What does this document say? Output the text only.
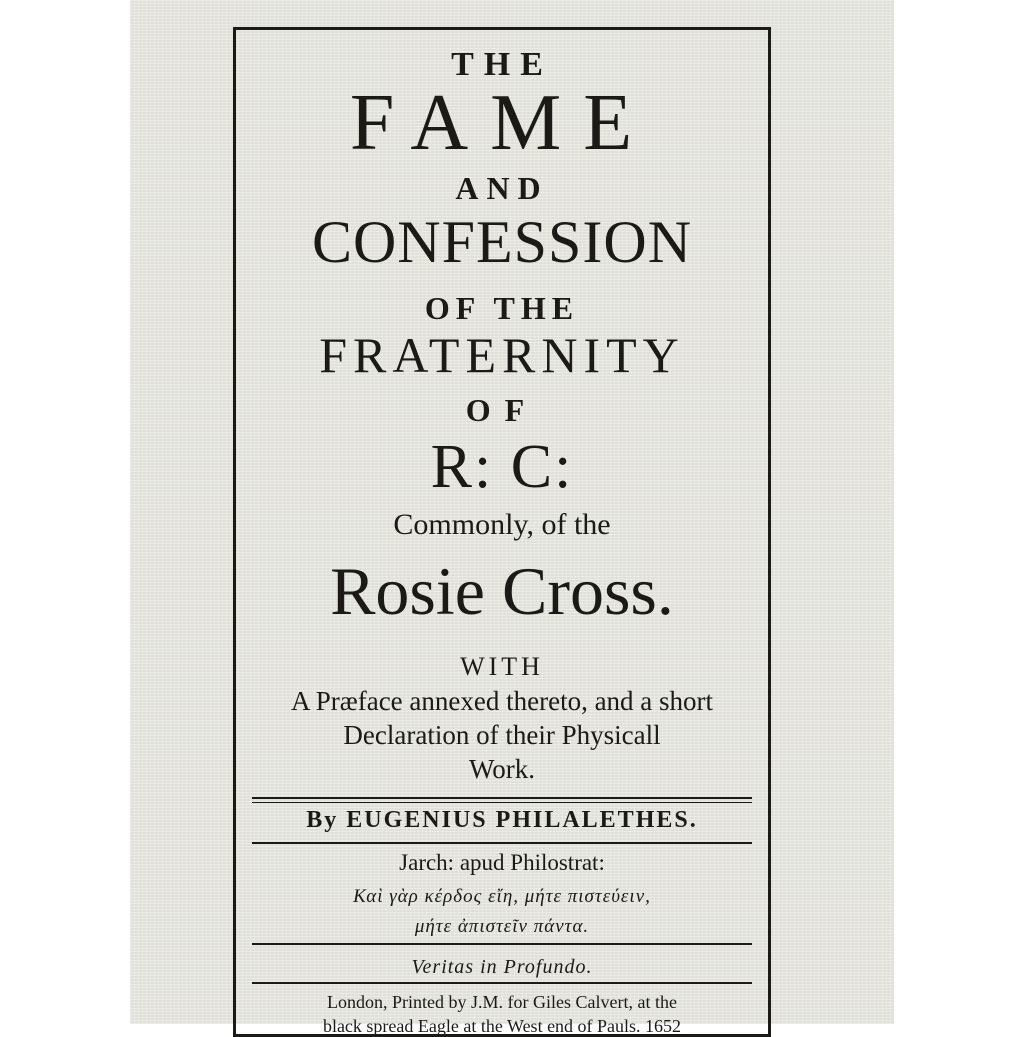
THE
FAME
AND
CONFESSION
OF THE
FRATERNITY
OF
R: C:
Commonly, of the
Rosie Cross.
WITH
A Præface annexed thereto, and a short
Declaration of their Physicall
Work.
By EUGENIUS PHILALETHES.
Jarch: apud Philostrat:
Καὶ γὰρ κέρδος εἴη, μήτε πιστεύειν,
μήτε ἀπιστεῖν πάντα.
Veritas in Profundo.
London, Printed by J.M. for Giles Calvert, at the
black spread Eagle at the West end of Pauls. 1652
